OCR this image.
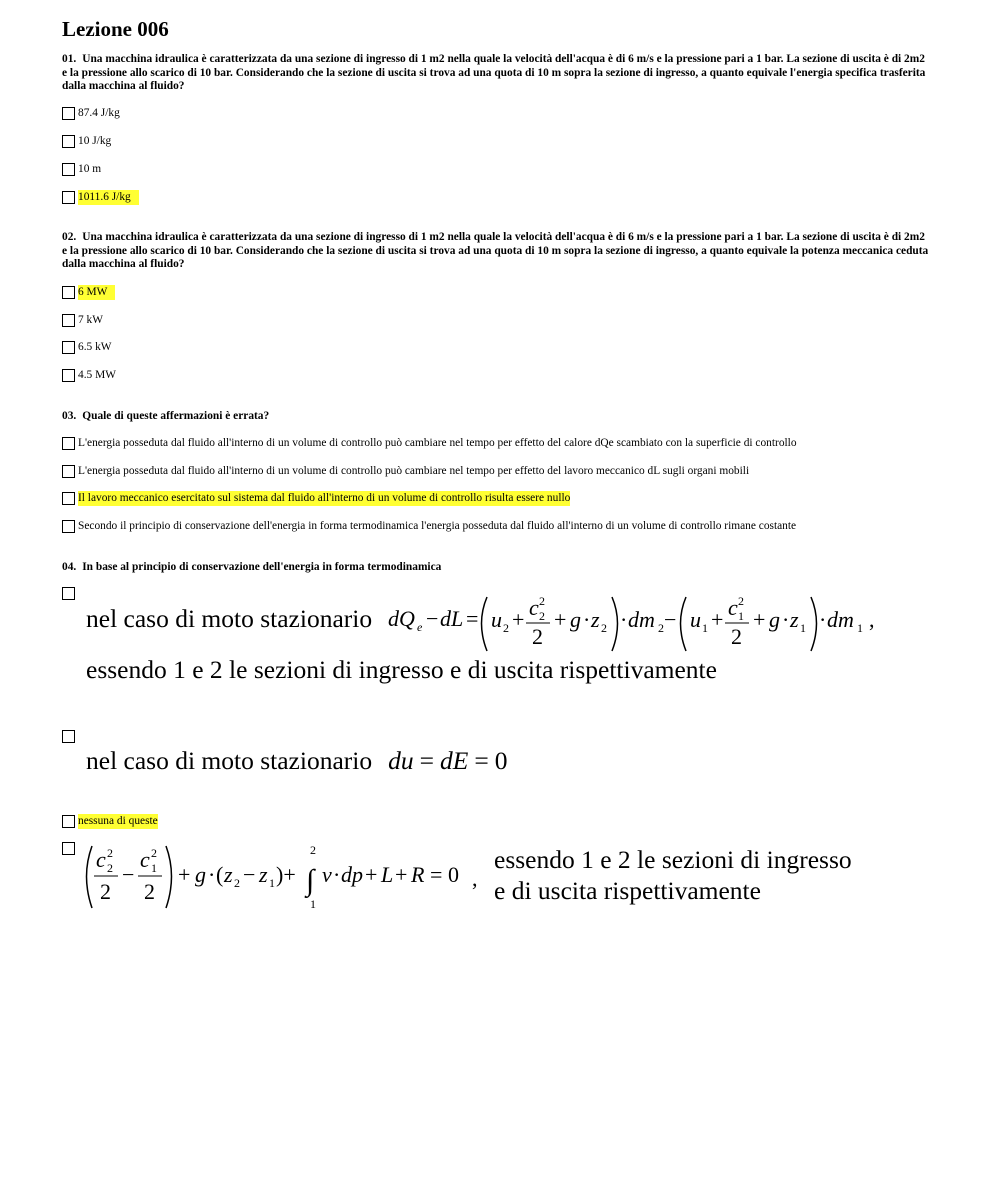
Lezione 006
01. Una macchina idraulica è caratterizzata da una sezione di ingresso di 1 m2 nella quale la velocità dell'acqua è di 6 m/s e la pressione pari a 1 bar. La sezione di uscita è di 2m2 e la pressione allo scarico di 10 bar. Considerando che la sezione di uscita si trova ad una quota di 10 m sopra la sezione di ingresso, a quanto equivale l'energia specifica trasferita dalla macchina al fluido?
87.4 J/kg
10 J/kg
10 m
1011.6 J/kg
02. Una macchina idraulica è caratterizzata da una sezione di ingresso di 1 m2 nella quale la velocità dell'acqua è di 6 m/s e la pressione pari a 1 bar. La sezione di uscita è di 2m2 e la pressione allo scarico di 10 bar. Considerando che la sezione di uscita si trova ad una quota di 10 m sopra la sezione di ingresso, a quanto equivale la potenza meccanica ceduta dalla macchina al fluido?
6 MW
7 kW
6.5 kW
4.5 MW
03. Quale di queste affermazioni è errata?
L'energia posseduta dal fluido all'interno di un volume di controllo può cambiare nel tempo per effetto del calore dQe scambiato con la superficie di controllo
L'energia posseduta dal fluido all'interno di un volume di controllo può cambiare nel tempo per effetto del lavoro meccanico dL sugli organi mobili
Il lavoro meccanico esercitato sul sistema dal fluido all'interno di un volume di controllo risulta essere nullo
Secondo il principio di conservazione dell'energia in forma termodinamica l'energia posseduta dal fluido all'interno di un volume di controllo rimane costante
04. In base al principio di conservazione dell'energia in forma termodinamica
nel caso di moto stazionario dQ e − dL = u 2 + c 2
2
2
+ g · z 2 · dm 2 − u 1 + c 2
1
2
+ g · z 1 · dm 1 ,
essendo 1 e 2 le sezioni di ingresso e di uscita rispettivamente
nel caso di moto stazionario du = dE = 0
nessuna di queste
c 2
2
2
−
c 2
1
2
+ g · ( z 2 − z 1 )+
2
∫
1
v · dp + L + R = 0 ,
essendo 1 e 2 le sezioni di ingresso
e di uscita rispettivamente
